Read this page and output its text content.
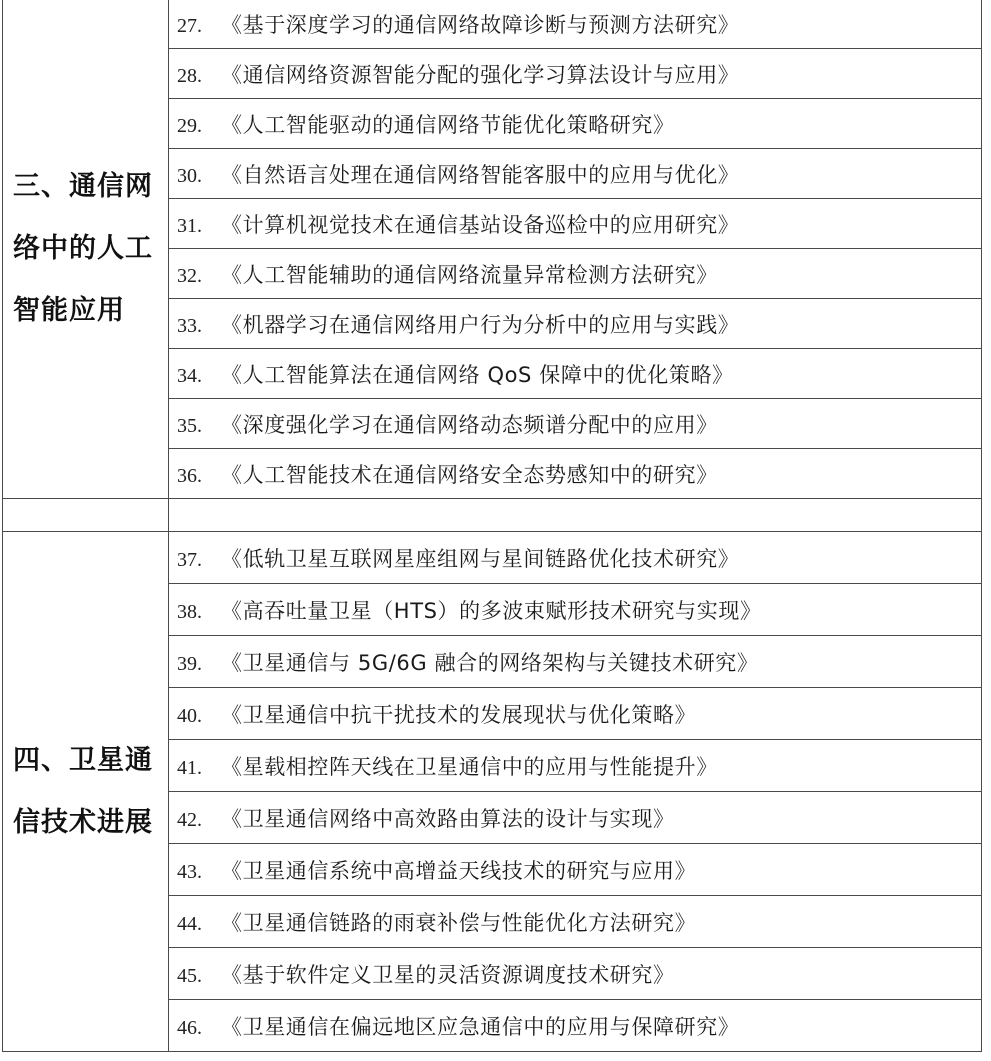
三、通信网络中的人工智能应用	27. 《基于深度学习的通信网络故障诊断与预测方法研究》
	28. 《通信网络资源智能分配的强化学习算法设计与应用》
	29. 《人工智能驱动的通信网络节能优化策略研究》
	30. 《自然语言处理在通信网络智能客服中的应用与优化》
	31. 《计算机视觉技术在通信基站设备巡检中的应用研究》
	32. 《人工智能辅助的通信网络流量异常检测方法研究》
	33. 《机器学习在通信网络用户行为分析中的应用与实践》
	34. 《人工智能算法在通信网络 QoS 保障中的优化策略》
	35. 《深度强化学习在通信网络动态频谱分配中的应用》
	36. 《人工智能技术在通信网络安全态势感知中的研究》

四、卫星通信技术进展	37. 《低轨卫星互联网星座组网与星间链路优化技术研究》
	38. 《高吞吐量卫星（HTS）的多波束赋形技术研究与实现》
	39. 《卫星通信与 5G/6G 融合的网络架构与关键技术研究》
	40. 《卫星通信中抗干扰技术的发展现状与优化策略》
	41. 《星载相控阵天线在卫星通信中的应用与性能提升》
	42. 《卫星通信网络中高效路由算法的设计与实现》
	43. 《卫星通信系统中高增益天线技术的研究与应用》
	44. 《卫星通信链路的雨衰补偿与性能优化方法研究》
	45. 《基于软件定义卫星的灵活资源调度技术研究》
	46. 《卫星通信在偏远地区应急通信中的应用与保障研究》
